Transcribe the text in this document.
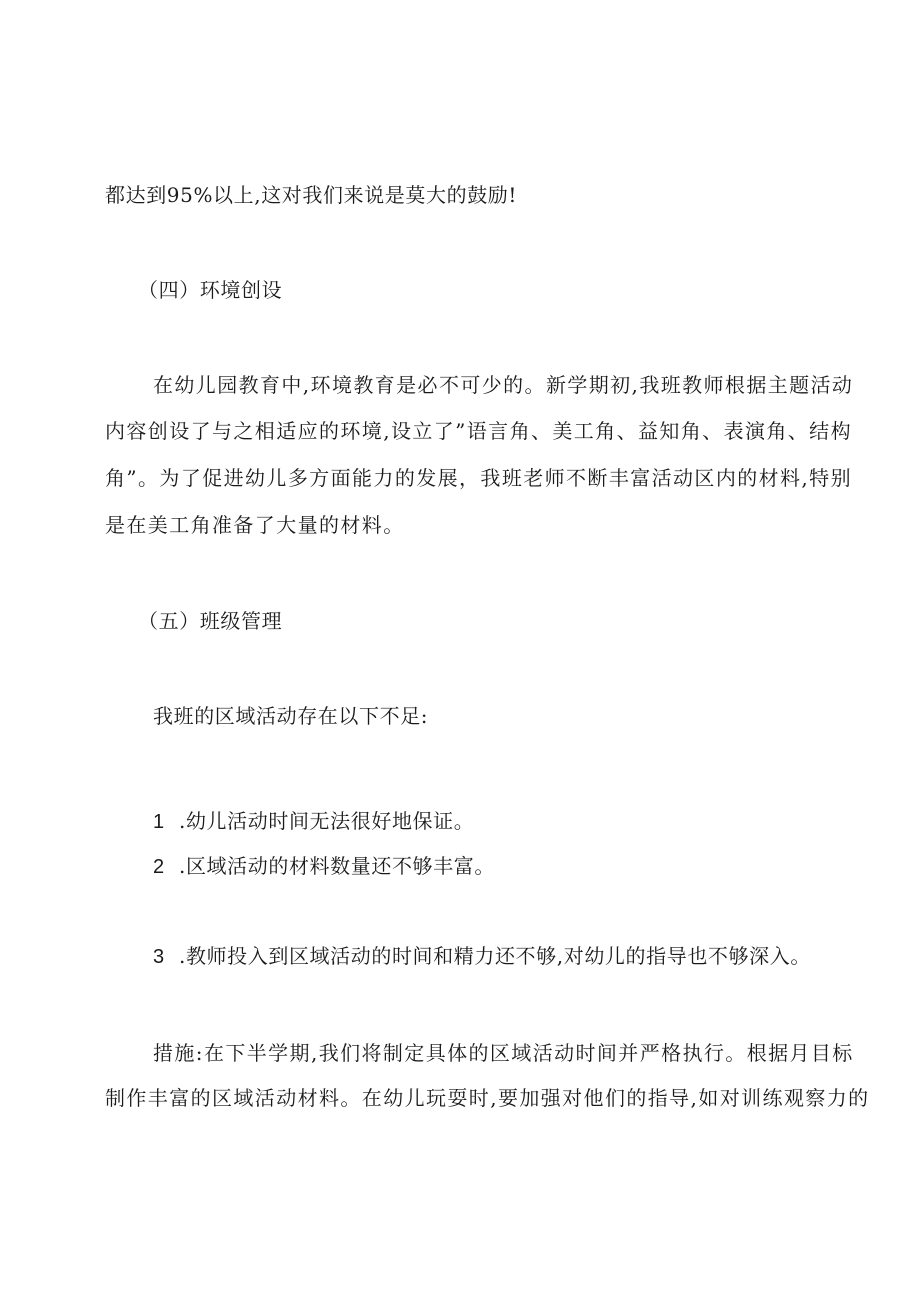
都达到95%以上,这对我们来说是莫大的鼓励!

（四）环境创设

在幼儿园教育中,环境教育是必不可少的。新学期初,我班教师根据主题活动

内容创设了与之相适应的环境,设立了”语言角、美工角、益知角、表演角、结构

角”。为了促进幼儿多方面能力的发展，我班老师不断丰富活动区内的材料,特别

是在美工角准备了大量的材料。

（五）班级管理

我班的区域活动存在以下不足:

1 .幼儿活动时间无法很好地保证。

2 .区域活动的材料数量还不够丰富。

3 .教师投入到区域活动的时间和精力还不够,对幼儿的指导也不够深入。

措施:在下半学期,我们将制定具体的区域活动时间并严格执行。根据月目标

制作丰富的区域活动材料。在幼儿玩耍时,要加强对他们的指导,如对训练观察力的
